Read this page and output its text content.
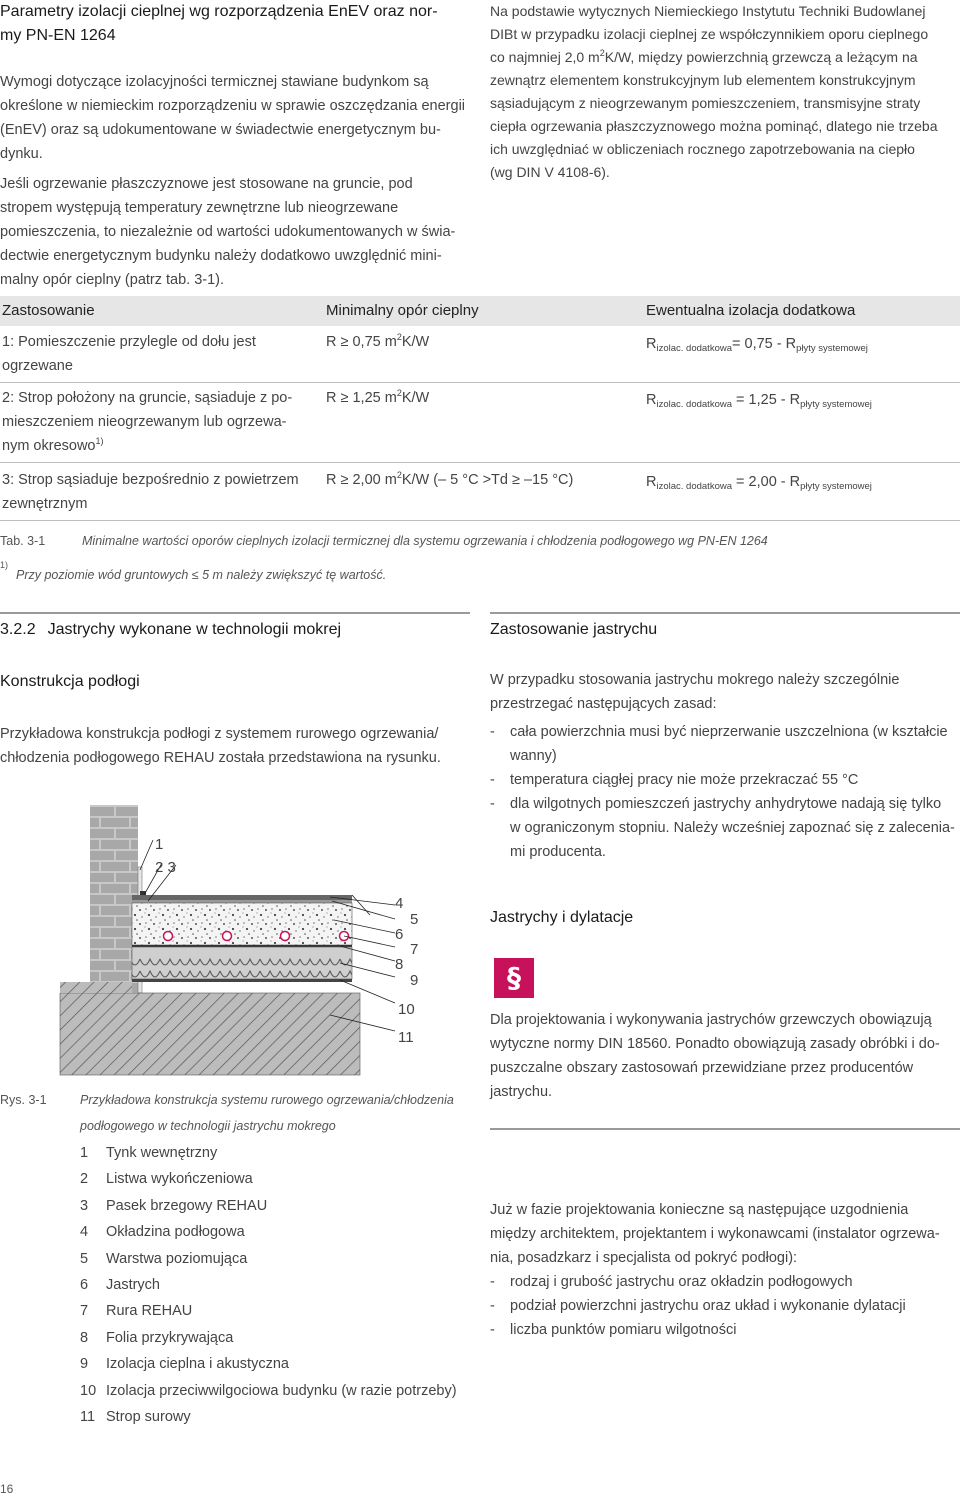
Parametry izolacji cieplnej wg rozporządzenia EnEV oraz nor-
my PN-EN 1264
Wymogi dotyczące izolacyjności termicznej stawiane budynkom są
określone w niemieckim rozporządzeniu w sprawie oszczędzania energii
(EnEV) oraz są udokumentowane w świadectwie energetycznym bu-
dynku.
Jeśli ogrzewanie płaszczyznowe jest stosowane na gruncie, pod
stropem występują temperatury zewnętrzne lub nieogrzewane
pomieszczenia, to niezależnie od wartości udokumentowanych w świa-
dectwie energetycznym budynku należy dodatkowo uwzględnić mini-
malny opór cieplny (patrz tab. 3-1).
Na podstawie wytycznych Niemieckiego Instytutu Techniki Budowlanej
DIBt w przypadku izolacji cieplnej ze współczynnikiem oporu cieplnego
co najmniej 2,0 $m^2K/W$, między powierzchnią grzewczą a leżącym na
zewnątrz elementem konstrukcyjnym lub elementem konstrukcyjnym
sąsiadującym z nieogrzewanym pomieszczeniem, transmisyjne straty
ciepła ogrzewania płaszczyznowego można pominąć, dlatego nie trzeba
ich uwzględniać w obliczeniach rocznego zapotrzebowania na ciepło
(wg DIN V 4108-6).
Zastosowanie	Minimalny opór cieplny	Ewentualna izolacja dodatkowa
1: Pomieszczenie przylegle od dołu jest
ogrzewane
R ≥ 0,75 $m^2K/W$	$R_{izolac. dodatkowa}= 0,75 - R_{płyty systemowej}$
2: Strop położony na gruncie, sąsiaduje z po-
mieszczeniem nieogrzewanym lub ogrzewa-
nym okresowo$^{1)}$
R ≥ 1,25 $m^2K/W$	$R_{izolac. dodatkowa} = 1,25 - R_{płyty systemowej}$
3: Strop sąsiaduje bezpośrednio z powietrzem
zewnętrznym
R ≥ 2,00 $m^2K/W$ (– 5 °C >Td ≥ –15 °C)	$R_{izolac. dodatkowa} = 2,00 - R_{płyty systemowej}$
Tab. 3-1	Minimalne wartości oporów cieplnych izolacji termicznej dla systemu ogrzewania i chłodzenia podłogowego wg PN-EN 1264
1)
Przy poziomie wód gruntowych ≤ 5 m należy zwiększyć tę wartość.
3.2.2 Jastrychy wykonane w technologii mokrej
Konstrukcja podłogi
Przykładowa konstrukcja podłogi z systemem rurowego ogrzewania/
chłodzenia podłogowego REHAU została przedstawiona na rysunku.
1
2 3
4
5
6
7
8
9
10
11
Rys. 3-1	Przykładowa konstrukcja systemu rurowego ogrzewania/chłodzenia
podłogowego w technologii jastrychu mokrego
1 Tynk wewnętrzny
2 Listwa wykończeniowa
3 Pasek brzegowy REHAU
4 Okładzina podłogowa
5 Warstwa poziomująca
6 Jastrych
7 Rura REHAU
8 Folia przykrywająca
9 Izolacja cieplna i akustyczna
10 Izolacja przeciwwilgociowa budynku (w razie potrzeby)
11 Strop surowy
Zastosowanie jastrychu
W przypadku stosowania jastrychu mokrego należy szczególnie
przestrzegać następujących zasad:
- cała powierzchnia musi być nieprzerwanie uszczelniona (w kształcie
wanny)
- temperatura ciągłej pracy nie może przekraczać 55 °C
- dla wilgotnych pomieszczeń jastrychy anhydrytowe nadają się tylko
w ograniczonym stopniu. Należy wcześniej zapoznać się z zalecenia-
mi producenta.
Jastrychy i dylatacje
§
Dla projektowania i wykonywania jastrychów grzewczych obowiązują
wytyczne normy DIN 18560. Ponadto obowiązują zasady obróbki i do-
puszczalne obszary zastosowań przewidziane przez producentów
jastrychu.
Już w fazie projektowania konieczne są następujące uzgodnienia
między architektem, projektantem i wykonawcami (instalator ogrzewa-
nia, posadzkarz i specjalista od pokryć podłogi):
- rodzaj i grubość jastrychu oraz okładzin podłogowych
- podział powierzchni jastrychu oraz układ i wykonanie dylatacji
- liczba punktów pomiaru wilgotności
16
